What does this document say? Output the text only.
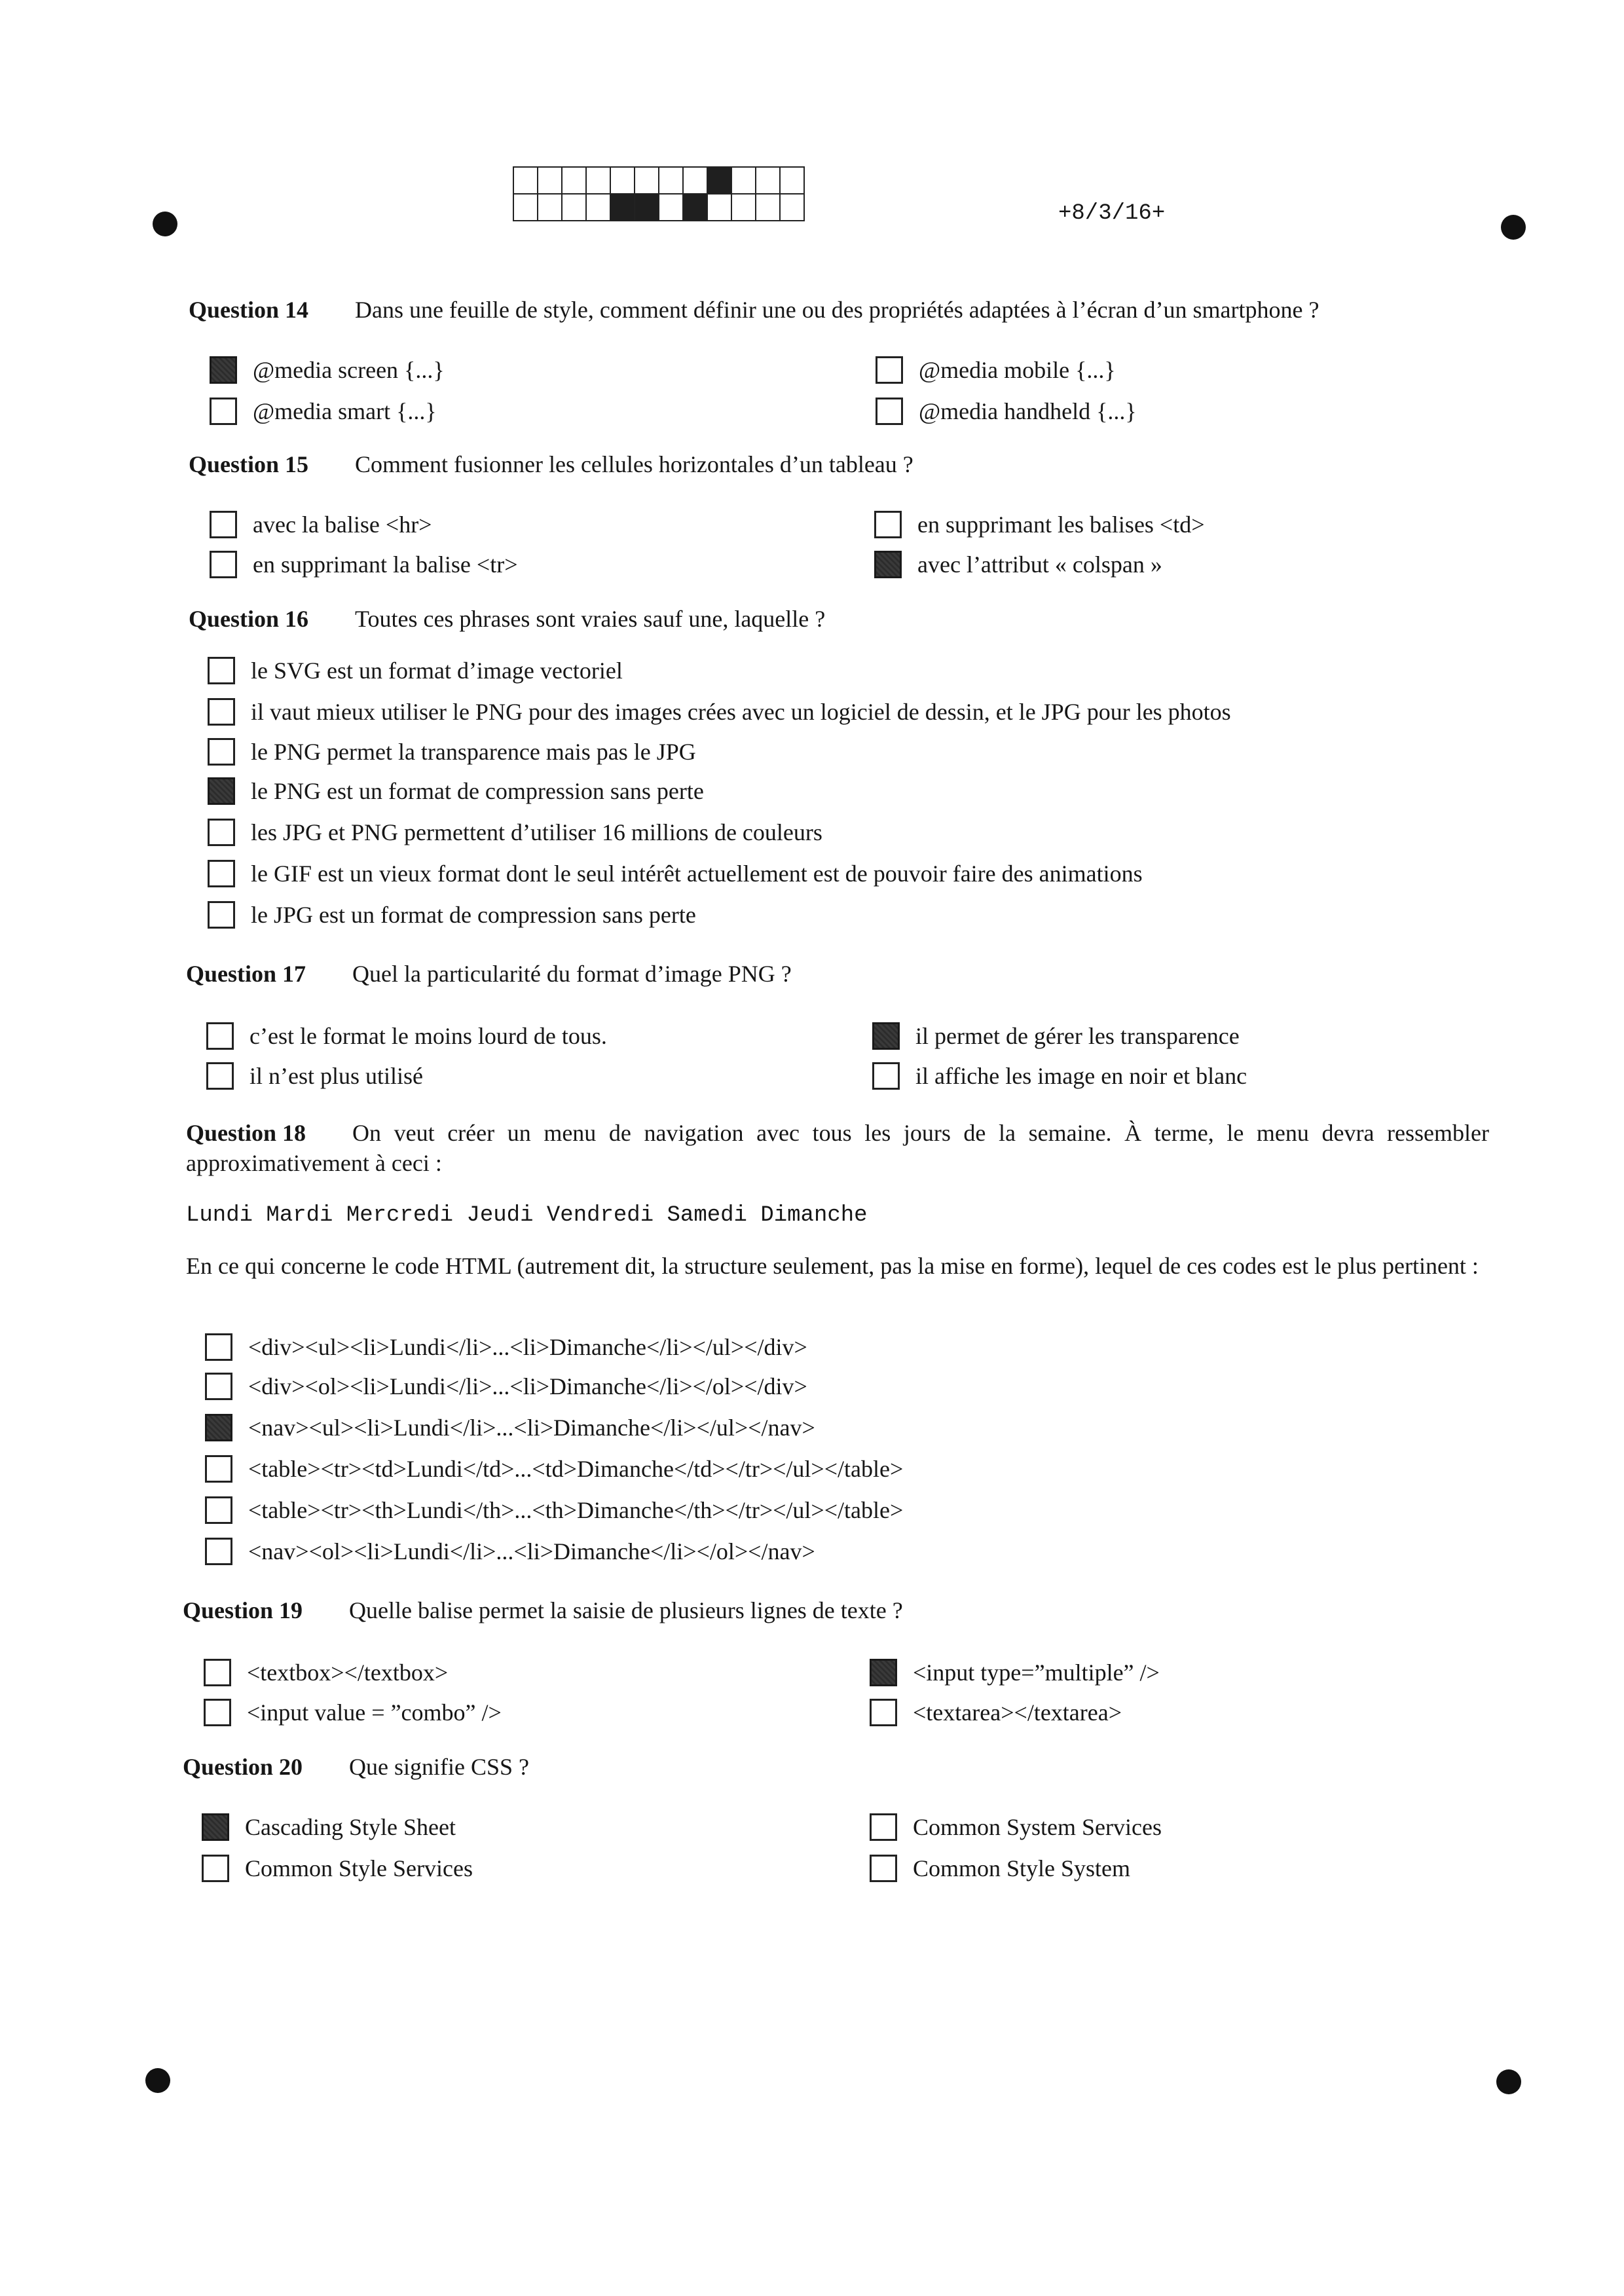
+8/3/16+

Question 14 Dans une feuille de style, comment définir une ou des propriétés adaptées à l’écran d’un smartphone ?

@media screen {...}	@media mobile {...}
@media smart {...}	@media handheld {...}

Question 15 Comment fusionner les cellules horizontales d’un tableau ?

avec la balise <hr>	en supprimant les balises <td>
en supprimant la balise <tr>	avec l’attribut « colspan »

Question 16 Toutes ces phrases sont vraies sauf une, laquelle ?

le SVG est un format d’image vectoriel
il vaut mieux utiliser le PNG pour des images crées avec un logiciel de dessin, et le JPG pour les photos
le PNG permet la transparence mais pas le JPG
le PNG est un format de compression sans perte
les JPG et PNG permettent d’utiliser 16 millions de couleurs
le GIF est un vieux format dont le seul intérêt actuellement est de pouvoir faire des animations
le JPG est un format de compression sans perte

Question 17 Quel la particularité du format d’image PNG ?

c’est le format le moins lourd de tous.	il permet de gérer les transparence
il n’est plus utilisé	il affiche les image en noir et blanc

Question 18 On veut créer un menu de navigation avec tous les jours de la semaine. À terme, le menu devra ressembler approximativement à ceci :

Lundi Mardi Mercredi Jeudi Vendredi Samedi Dimanche

En ce qui concerne le code HTML (autrement dit, la structure seulement, pas la mise en forme), lequel de ces codes est le plus pertinent :

<div><ul><li>Lundi</li>...<li>Dimanche</li></ul></div>
<div><ol><li>Lundi</li>...<li>Dimanche</li></ol></div>
<nav><ul><li>Lundi</li>...<li>Dimanche</li></ul></nav>
<table><tr><td>Lundi</td>...<td>Dimanche</td></tr></ul></table>
<table><tr><th>Lundi</th>...<th>Dimanche</th></tr></ul></table>
<nav><ol><li>Lundi</li>...<li>Dimanche</li></ol></nav>

Question 19 Quelle balise permet la saisie de plusieurs lignes de texte ?

<textbox></textbox>	<input type=”multiple” />
<input value = ”combo” />	<textarea></textarea>

Question 20 Que signifie CSS ?

Cascading Style Sheet	Common System Services
Common Style Services	Common Style System
